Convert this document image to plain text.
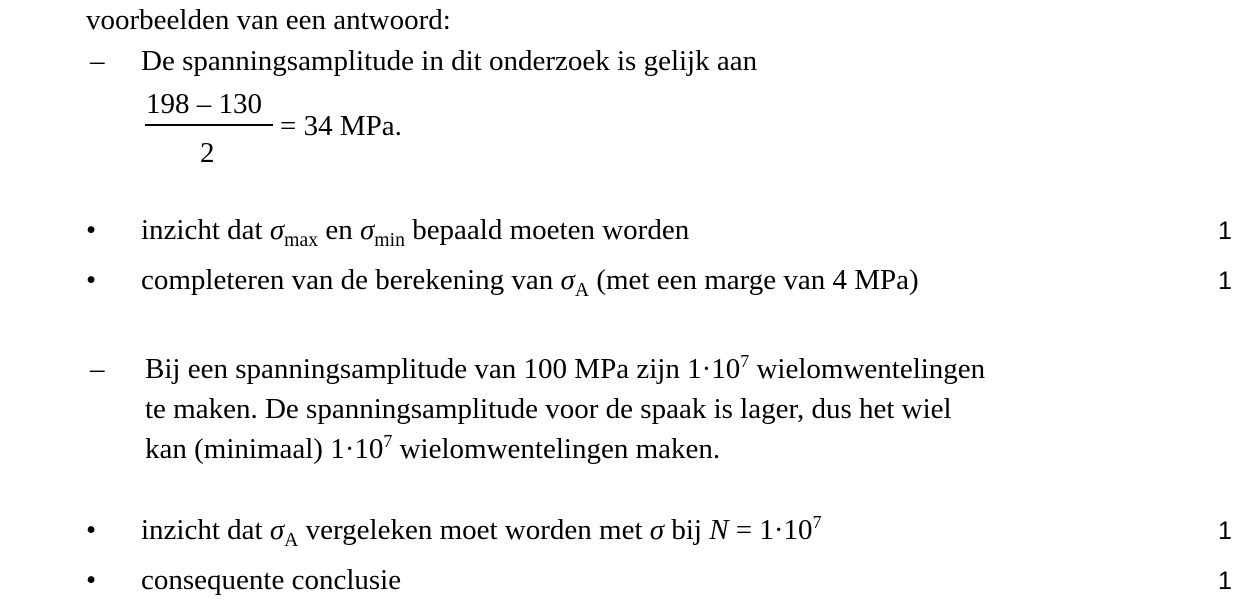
voorbeelden van een antwoord:
– De spanningsamplitude in dit onderzoek is gelijk aan
198 – 130
2
= 34 MPa.
• inzicht dat $\sigma_{max}$ en $\sigma_{min}$ bepaald moeten worden	1
• completeren van de berekening van $\sigma_A$ (met een marge van 4 MPa)	1
– Bij een spanningsamplitude van 100 MPa zijn $1\cdot 10^7$ wielomwentelingen
te maken. De spanningsamplitude voor de spaak is lager, dus het wiel
kan (minimaal) $1\cdot 10^7$ wielomwentelingen maken.
• inzicht dat $\sigma_A$ vergeleken moet worden met σ bij $N = 1\cdot 10^7$	1
• consequente conclusie	1
